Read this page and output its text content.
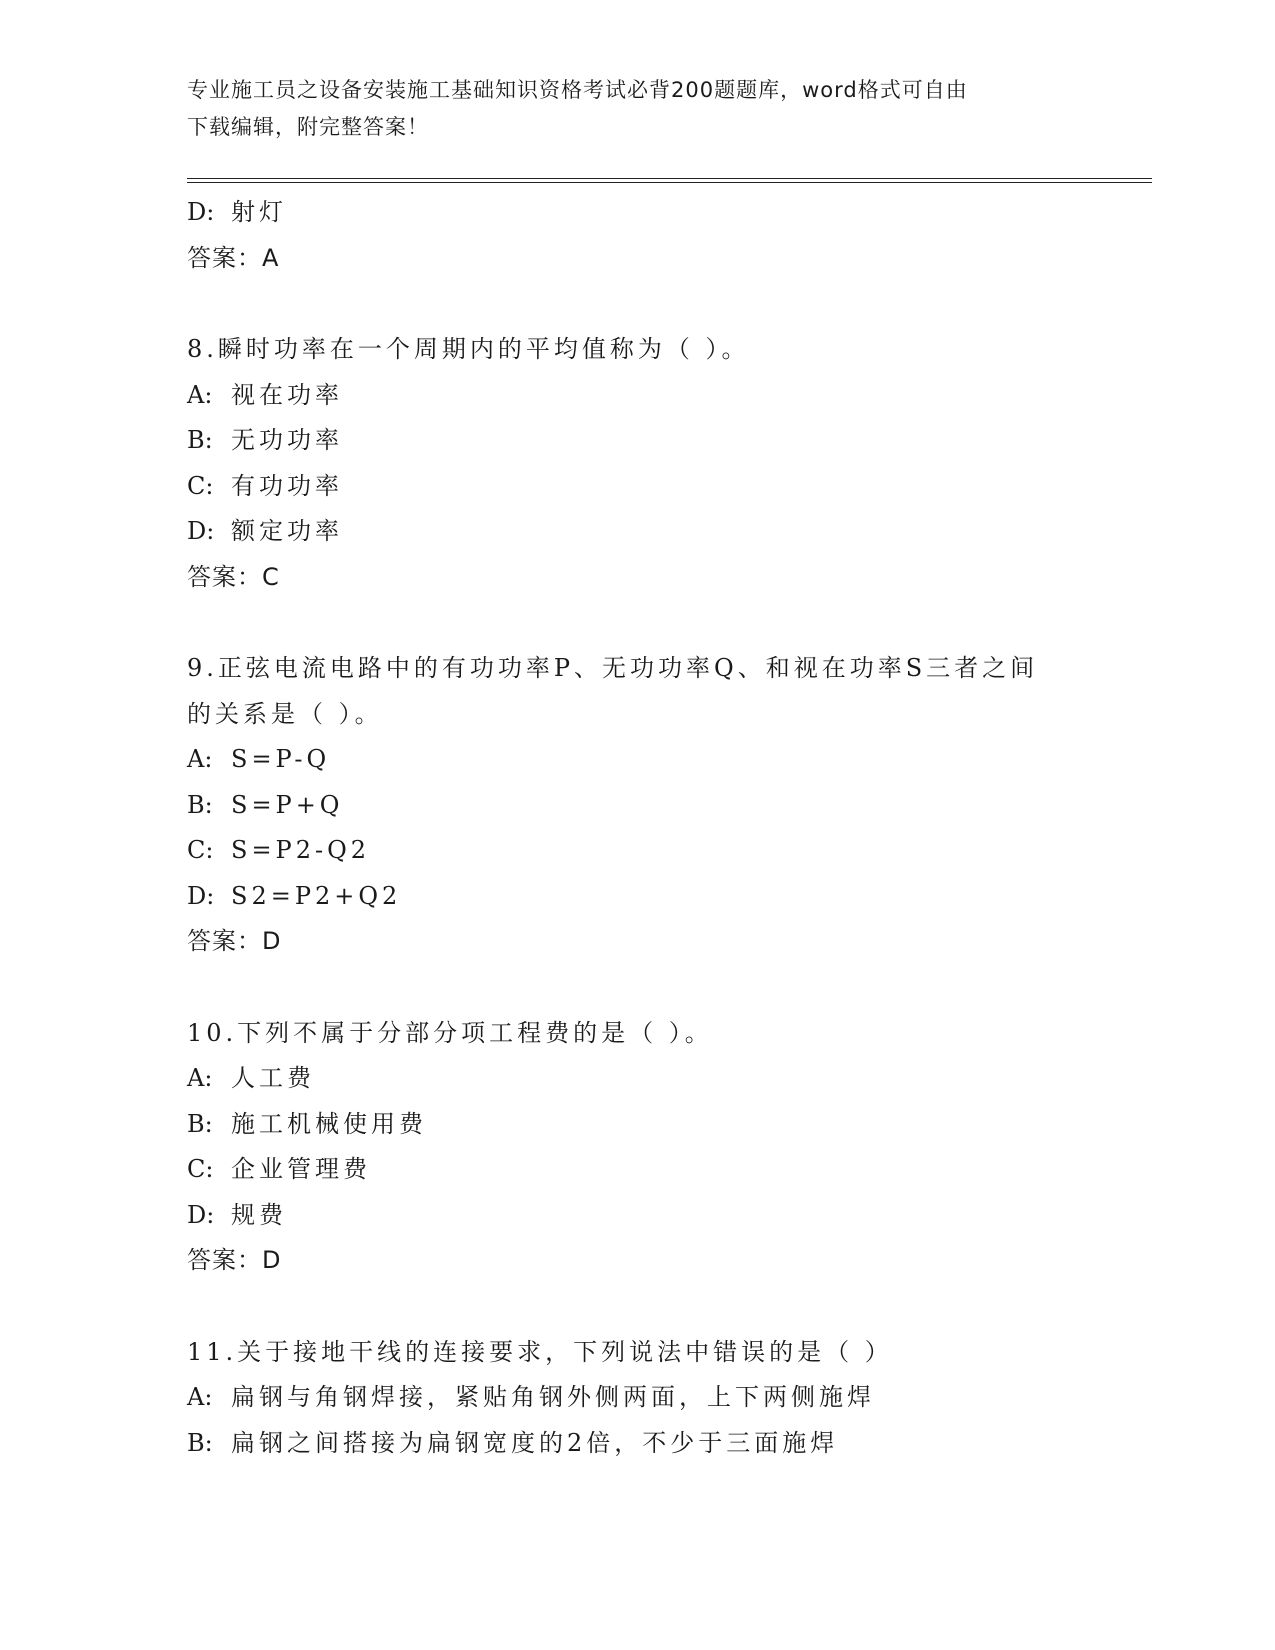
专业施工员之设备安装施工基础知识资格考试必背200题题库，word格式可自由
下载编辑，附完整答案！
D: 射灯
答案：A
8.瞬时功率在一个周期内的平均值称为（ ）。
A: 视在功率
B: 无功功率
C: 有功功率
D: 额定功率
答案：C
9.正弦电流电路中的有功功率P、无功功率Q、和视在功率S三者之间
的关系是（ ）。
A: S=P-Q
B: S=P+Q
C: S=P2-Q2
D: S2=P2+Q2
答案：D
10.下列不属于分部分项工程费的是（ ）。
A: 人工费
B: 施工机械使用费
C: 企业管理费
D: 规费
答案：D
11.关于接地干线的连接要求，下列说法中错误的是（ ）
A: 扁钢与角钢焊接，紧贴角钢外侧两面，上下两侧施焊
B: 扁钢之间搭接为扁钢宽度的2倍，不少于三面施焊
